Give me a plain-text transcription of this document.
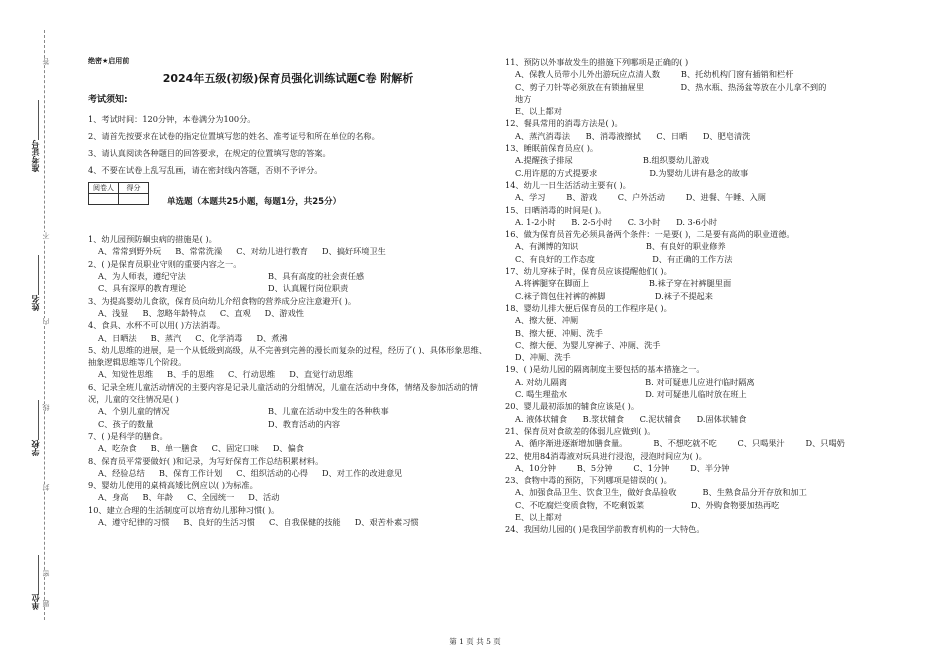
准考证号
姓名
学校
单位
答
不
内
线
封
密
题
绝密★启用前
2024年五级(初级)保育员强化训练试题C卷 附解析
考试须知:
1、考试时间：120分钟，本卷满分为100分。
2、请首先按要求在试卷的指定位置填写您的姓名、准考证号和所在单位的名称。
3、请认真阅读各种题目的回答要求，在规定的位置填写您的答案。
4、不要在试卷上乱写乱画，请在密封线内答题，否则不予评分。
阅卷人	得分

单选题（本题共25小题，每题1分，共25分）
1、幼儿园预防蛔虫病的措施是( )。
A、常常到野外玩 B、常常洗澡 C、对幼儿进行教育 D、搞好环境卫生
2、( )是保育员职业守则的重要内容之一。
A、为人师表，遵纪守法	B、具有高度的社会责任感
C、具有深厚的教育理论	D、认真履行岗位职责
3、为提高婴幼儿食欲，保育员向幼儿介绍食物的营养成分应注意避开( )。
A、浅显 B、忽略年龄特点 C、直观 D、游戏性
4、食具、水杯不可以用( )方法消毒。
A、日晒法 B、蒸汽 C、化学消毒 D、煮沸
5、幼儿思维的进展，是一个从低级到高级，从不完善到完善的漫长而复杂的过程，经历了( )、具体形象思维、抽象逻辑思维等几个阶段。
A、知觉性思维 B、手的思维 C、行动思维 D、直觉行动思维
6、记录全班儿童活动情况的主要内容是记录儿童活动的分组情况，儿童在活动中身体，情绪及参加活动的情况，儿童的交往情况是( )
A、个别儿童的情况	B、儿童在活动中发生的各种秩事
C、孩子的数量	D、教育活动的内容
7、( )是科学的膳食。
A、吃杂食 B、单一膳食 C、固定口味 D、偏食
8、保育员平常要做好( )和记录，为写好保育工作总结积累材料。
A、经验总结 B、保育工作计划 C、组织活动的心得 D、对工作的改进意见
9、婴幼儿使用的桌椅高矮比例应以( )为标准。
A、身高 B、年龄 C、全园统一 D、活动
10、建立合理的生活制度可以培育幼儿那种习惯( )。
A、遵守纪律的习惯 B、良好的生活习惯 C、自我保健的技能 D、艰苦朴素习惯
11、预防以外事故发生的措施下列哪项是正确的( )
A、保教人员带小儿外出游玩应点清人数        B、托幼机构门窗有插销和栏杆
C、剪子刀针等必须放在有锁抽屉里              D、热水瓶、热汤盆等放在小儿拿不到的
地方
E、以上都对
12、餐具常用的消毒方法是( )。
A、蒸汽消毒法      B、消毒液擦拭      C、日晒      D、肥皂清洗
13、睡眠前保育员应( )。
A.提醒孩子排尿                           B.组织婴幼儿游戏
C.用许愿的方式提要求                    D.为婴幼儿讲有悬念的故事
14、幼儿一日生活活动主要有( )。
A、学习        B、游戏        C、户外活动        D、进餐、午睡、入厕
15、日晒消毒的时间是( )。
A. 1-2小时      B. 2-5小时      C. 3小时      D. 3-6小时
16、做为保育员首先必须具备两个条件：一是要( )，二是要有高尚的职业道德。
A、有渊博的知识                          B、有良好的职业修养
C、有良好的工作态度                      D、有正确的工作方法
17、幼儿穿袜子时，保育员应该提醒他们( )。
A.将裤腿穿在脚面上                       B.袜子穿在衬裤腿里面
C.袜子筒包住衬裤的裤脚                   D.袜子不提起来
18、婴幼儿排大便后保育员的工作程序是( )。
A、擦大便、冲厕
B、擦大便、冲厕、洗手
C、擦大便、为婴儿穿裤子、冲厕、洗手
D、冲厕、洗手
19、( )是幼儿园的隔离制度主要包括的基本措施之一。
A. 对幼儿隔离                              B. 对可疑患儿应进行临时隔离
C. 喝生理盐水                              D. 对可疑患儿临时放在班上
20、婴儿最初添加的辅食应该是( )。
A. 液体状辅食      B.浆状辅食      C.泥状辅食      D.固体状辅食
21、保育员对食欲差的体弱儿应做到( )。
A、循序渐进逐渐增加膳食量。          B、不想吃就不吃        C、只喝果汁        D、只喝奶
22、使用84消毒液对玩具进行浸泡，浸泡时间应为( )。
A、10分钟        B、5分钟        C、1分钟        D、半分钟
23、食物中毒的预防，下列哪项是错误的( )。
A、加强食品卫生、饮食卫生，做好食品验收          B、生熟食品分开存放和加工
C、不吃腐烂变质食物，不吃剩饭菜                  D、外购食物要加热再吃
E、以上都对
24、我国幼儿园的( )是我国学前教育机构的一大特色。
第 1 页 共 5 页
